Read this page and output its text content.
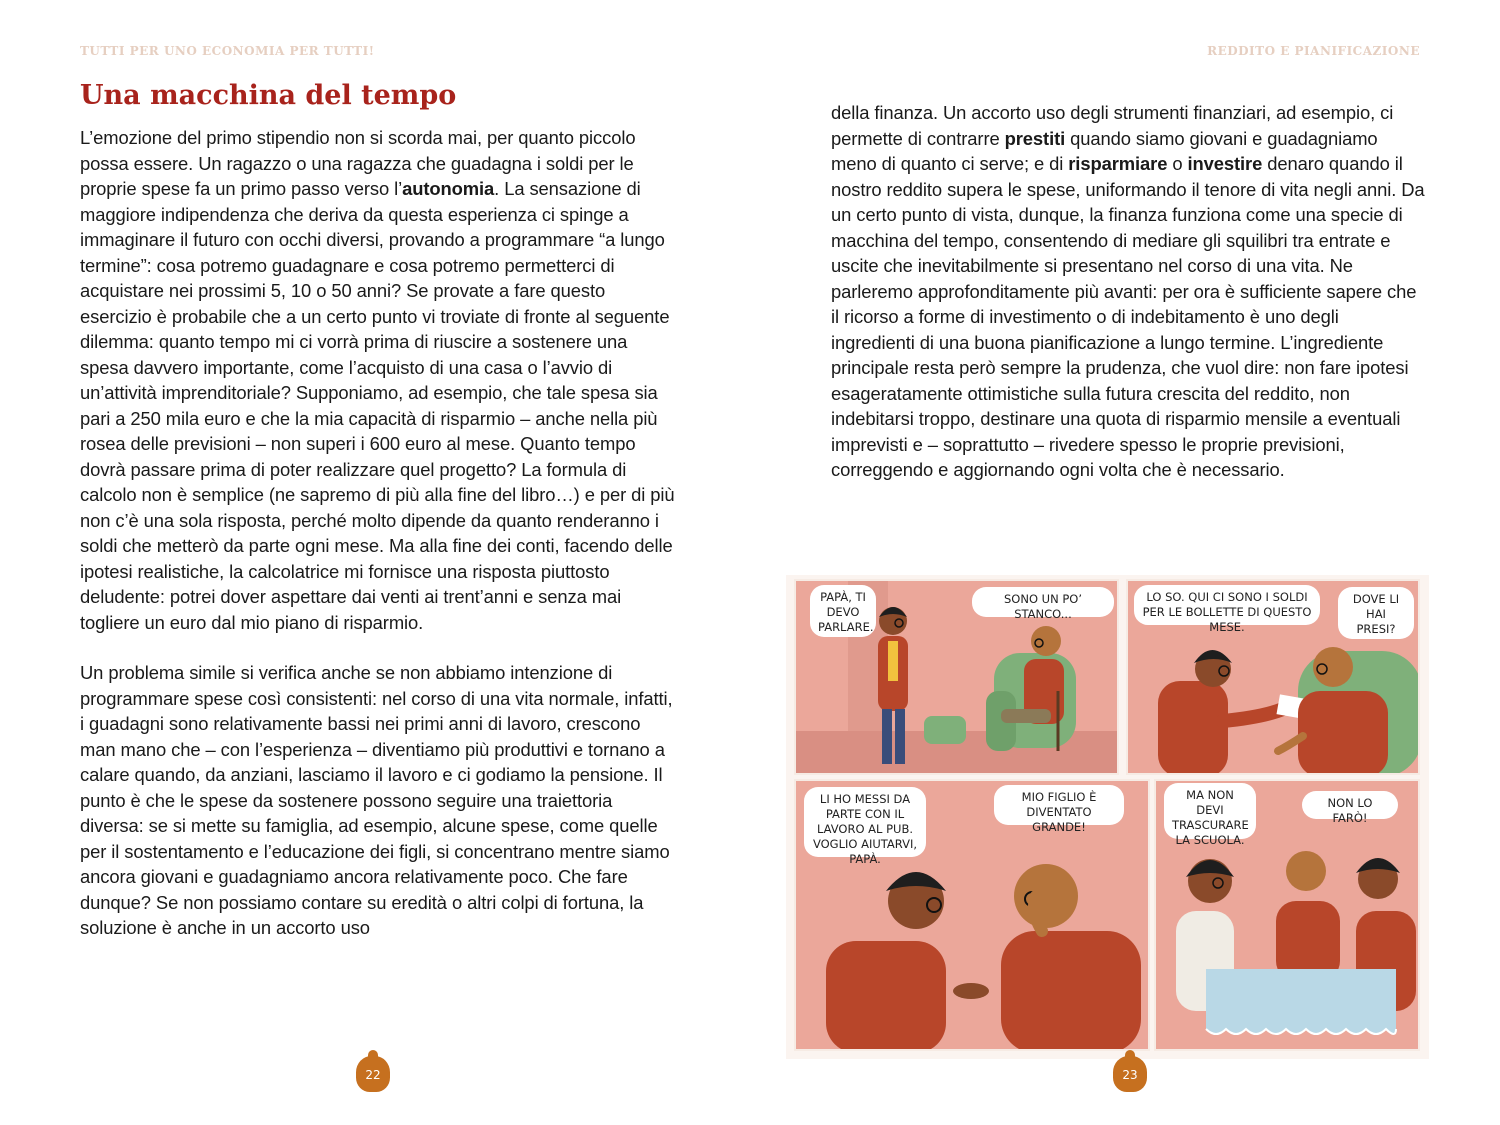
TUTTI PER UNO ECONOMIA PER TUTTI!	REDDITO E PIANIFICAZIONE
Una macchina del tempo

L’emozione del primo stipendio non si scorda mai, per quanto piccolo possa essere. Un ragazzo o una ragazza che guadagna i soldi per le proprie spese fa un primo passo verso l’autonomia. La sensazione di maggiore indipendenza che deriva da questa esperienza ci spinge a immaginare il futuro con occhi diversi, provando a programmare “a lungo termine”: cosa potremo guadagnare e cosa potremo permetterci di acquistare nei prossimi 5, 10 o 50 anni? Se provate a fare questo esercizio è probabile che a un certo punto vi troviate di fronte al seguente dilemma: quanto tempo mi ci vorrà prima di riuscire a sostenere una spesa davvero importante, come l’acquisto di una casa o l’avvio di un’attività imprenditoriale? Supponiamo, ad esempio, che tale spesa sia pari a 250 mila euro e che la mia capacità di risparmio – anche nella più rosea delle previsioni – non superi i 600 euro al mese. Quanto tempo dovrà passare prima di poter realizzare quel progetto? La formula di calcolo non è semplice (ne sapremo di più alla fine del libro…) e per di più non c’è una sola risposta, perché molto dipende da quanto renderanno i soldi che metterò da parte ogni mese. Ma alla fine dei conti, facendo delle ipotesi realistiche, la calcolatrice mi fornisce una risposta piuttosto deludente: potrei dover aspettare dai venti ai trent’anni e senza mai togliere un euro dal mio piano di risparmio.

Un problema simile si verifica anche se non abbiamo intenzione di programmare spese così consistenti: nel corso di una vita normale, infatti, i guadagni sono relativamente bassi nei primi anni di lavoro, crescono man mano che – con l’esperienza – diventiamo più produttivi e tornano a calare quando, da anziani, lasciamo il lavoro e ci godiamo la pensione. Il punto è che le spese da sostenere possono seguire una traiettoria diversa: se si mette su famiglia, ad esempio, alcune spese, come quelle per il sostentamento e l’educazione dei figli, si concentrano mentre siamo ancora giovani e guadagniamo ancora relativamente poco. Che fare dunque? Se non possiamo contare su eredità o altri colpi di fortuna, la soluzione è anche in un accorto uso

della finanza. Un accorto uso degli strumenti finanziari, ad esempio, ci permette di contrarre prestiti quando siamo giovani e guadagniamo meno di quanto ci serve; e di risparmiare o investire denaro quando il nostro reddito supera le spese, uniformando il tenore di vita negli anni. Da un certo punto di vista, dunque, la finanza funziona come una specie di macchina del tempo, consentendo di mediare gli squilibri tra entrate e uscite che inevitabilmente si presentano nel corso di una vita. Ne parleremo approfonditamente più avanti: per ora è sufficiente sapere che il ricorso a forme di investimento o di indebitamento è uno degli ingredienti di una buona pianificazione a lungo termine. L’ingrediente principale resta però sempre la prudenza, che vuol dire: non fare ipotesi esageratamente ottimistiche sulla futura crescita del reddito, non indebitarsi troppo, destinare una quota di risparmio mensile a eventuali imprevisti e – soprattutto – rivedere spesso le proprie previsioni, correggendo e aggiornando ogni volta che è necessario.

PAPÀ, TI DEVO PARLARE.
SONO UN PO’ STANCO...
LO SO. QUI CI SONO I SOLDI PER LE BOLLETTE DI QUESTO MESE.
DOVE LI HAI PRESI?
LI HO MESSI DA PARTE CON IL LAVORO AL PUB. VOGLIO AIUTARVI, PAPÀ.
MIO FIGLIO È DIVENTATO GRANDE!
MA NON DEVI TRASCURARE LA SCUOLA.
NON LO FARÒ!
22	23
